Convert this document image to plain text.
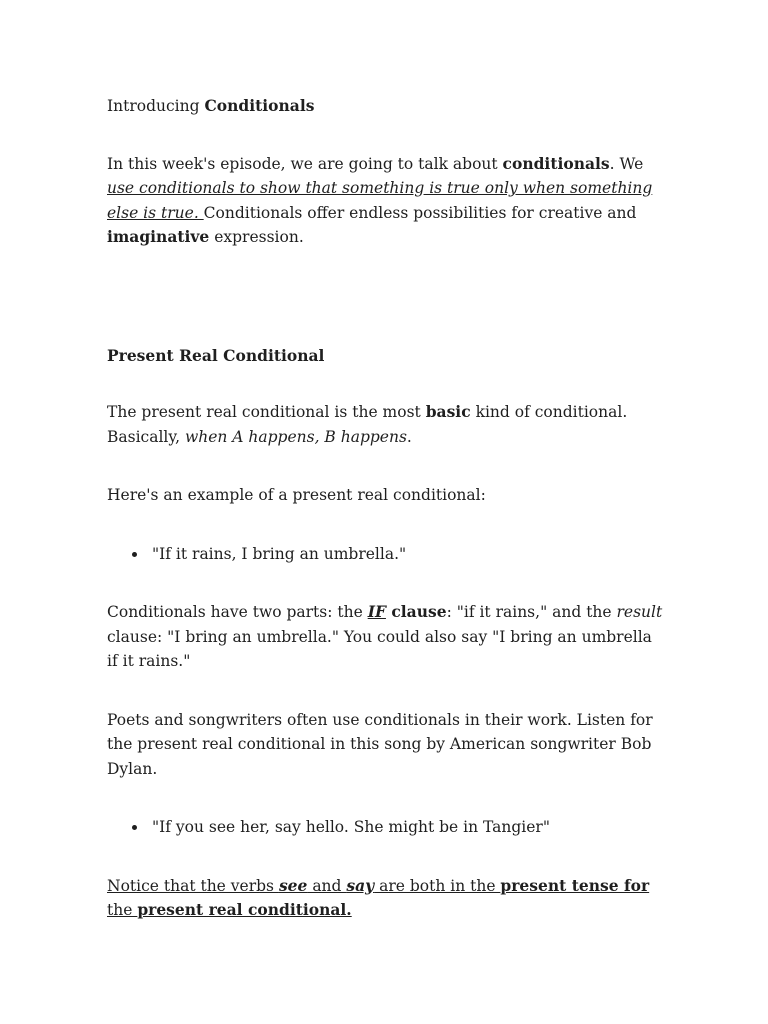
Introducing Conditionals

In this week's episode, we are going to talk about conditionals. We use conditionals to show that something is true only when something else is true. Conditionals offer endless possibilities for creative and imaginative expression.

Present Real Conditional

The present real conditional is the most basic kind of conditional. Basically, when A happens, B happens.

Here's an example of a present real conditional:

"If it rains, I bring an umbrella."

Conditionals have two parts: the IF clause: "if it rains," and the result clause: "I bring an umbrella." You could also say "I bring an umbrella if it rains."

Poets and songwriters often use conditionals in their work. Listen for the present real conditional in this song by American songwriter Bob Dylan.

"If you see her, say hello. She might be in Tangier"

Notice that the verbs see and say are both in the present tense for the present real conditional.
